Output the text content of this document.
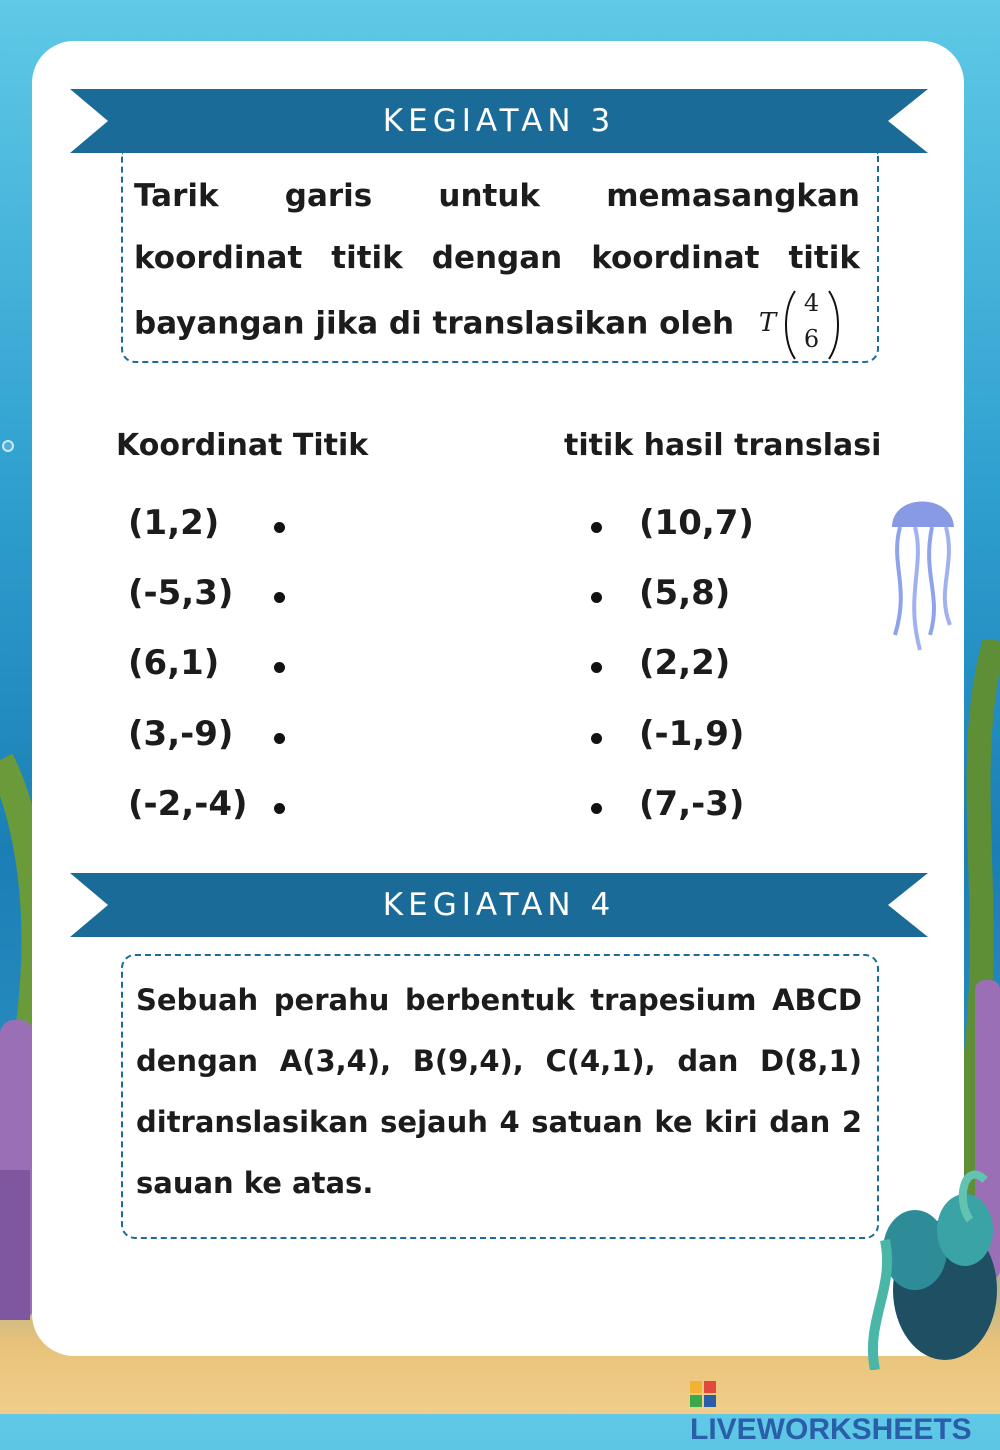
KEGIATAN 3
Tarik garis untuk memasangkan koordinat titik dengan koordinat titik bayangan jika di translasikan oleh T
4
6
Koordinat Titik	titik hasil translasi
(1,2)
(-5,3)
(6,1)
(3,-9)
(-2,-4)
(10,7)
(5,8)
(2,2)
(-1,9)
(7,-3)
KEGIATAN 4
Sebuah perahu berbentuk trapesium ABCD dengan A(3,4), B(9,4), C(4,1), dan D(8,1) ditranslasikan sejauh 4 satuan ke kiri dan 2 sauan ke atas.
LIVEWORKSHEETS
